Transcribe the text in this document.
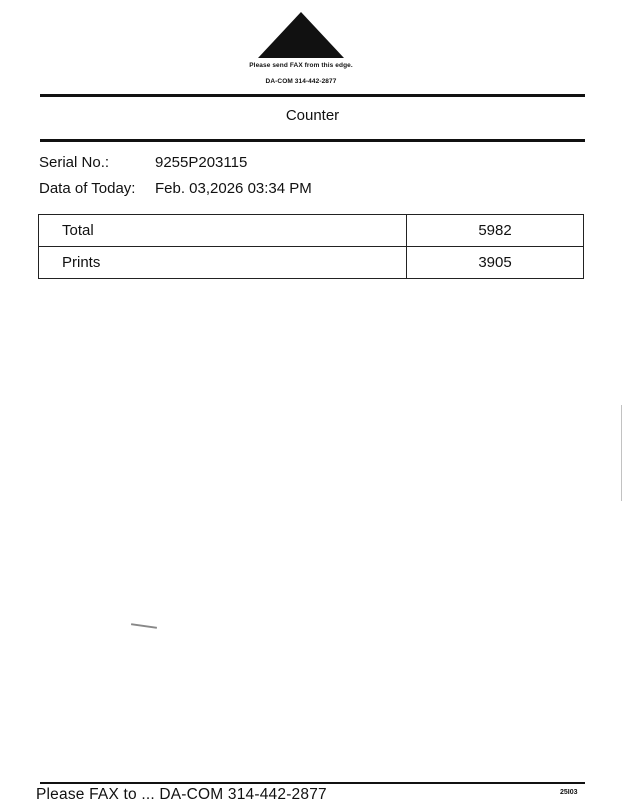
Please send FAX from this edge.
DA-COM 314-442-2877
Counter
Serial No.:	9255P203115
Data of Today: Feb. 03,2026 03:34 PM
Total	5982
Prints	3905
Please FAX to ... DA-COM 314-442-2877	25I03
